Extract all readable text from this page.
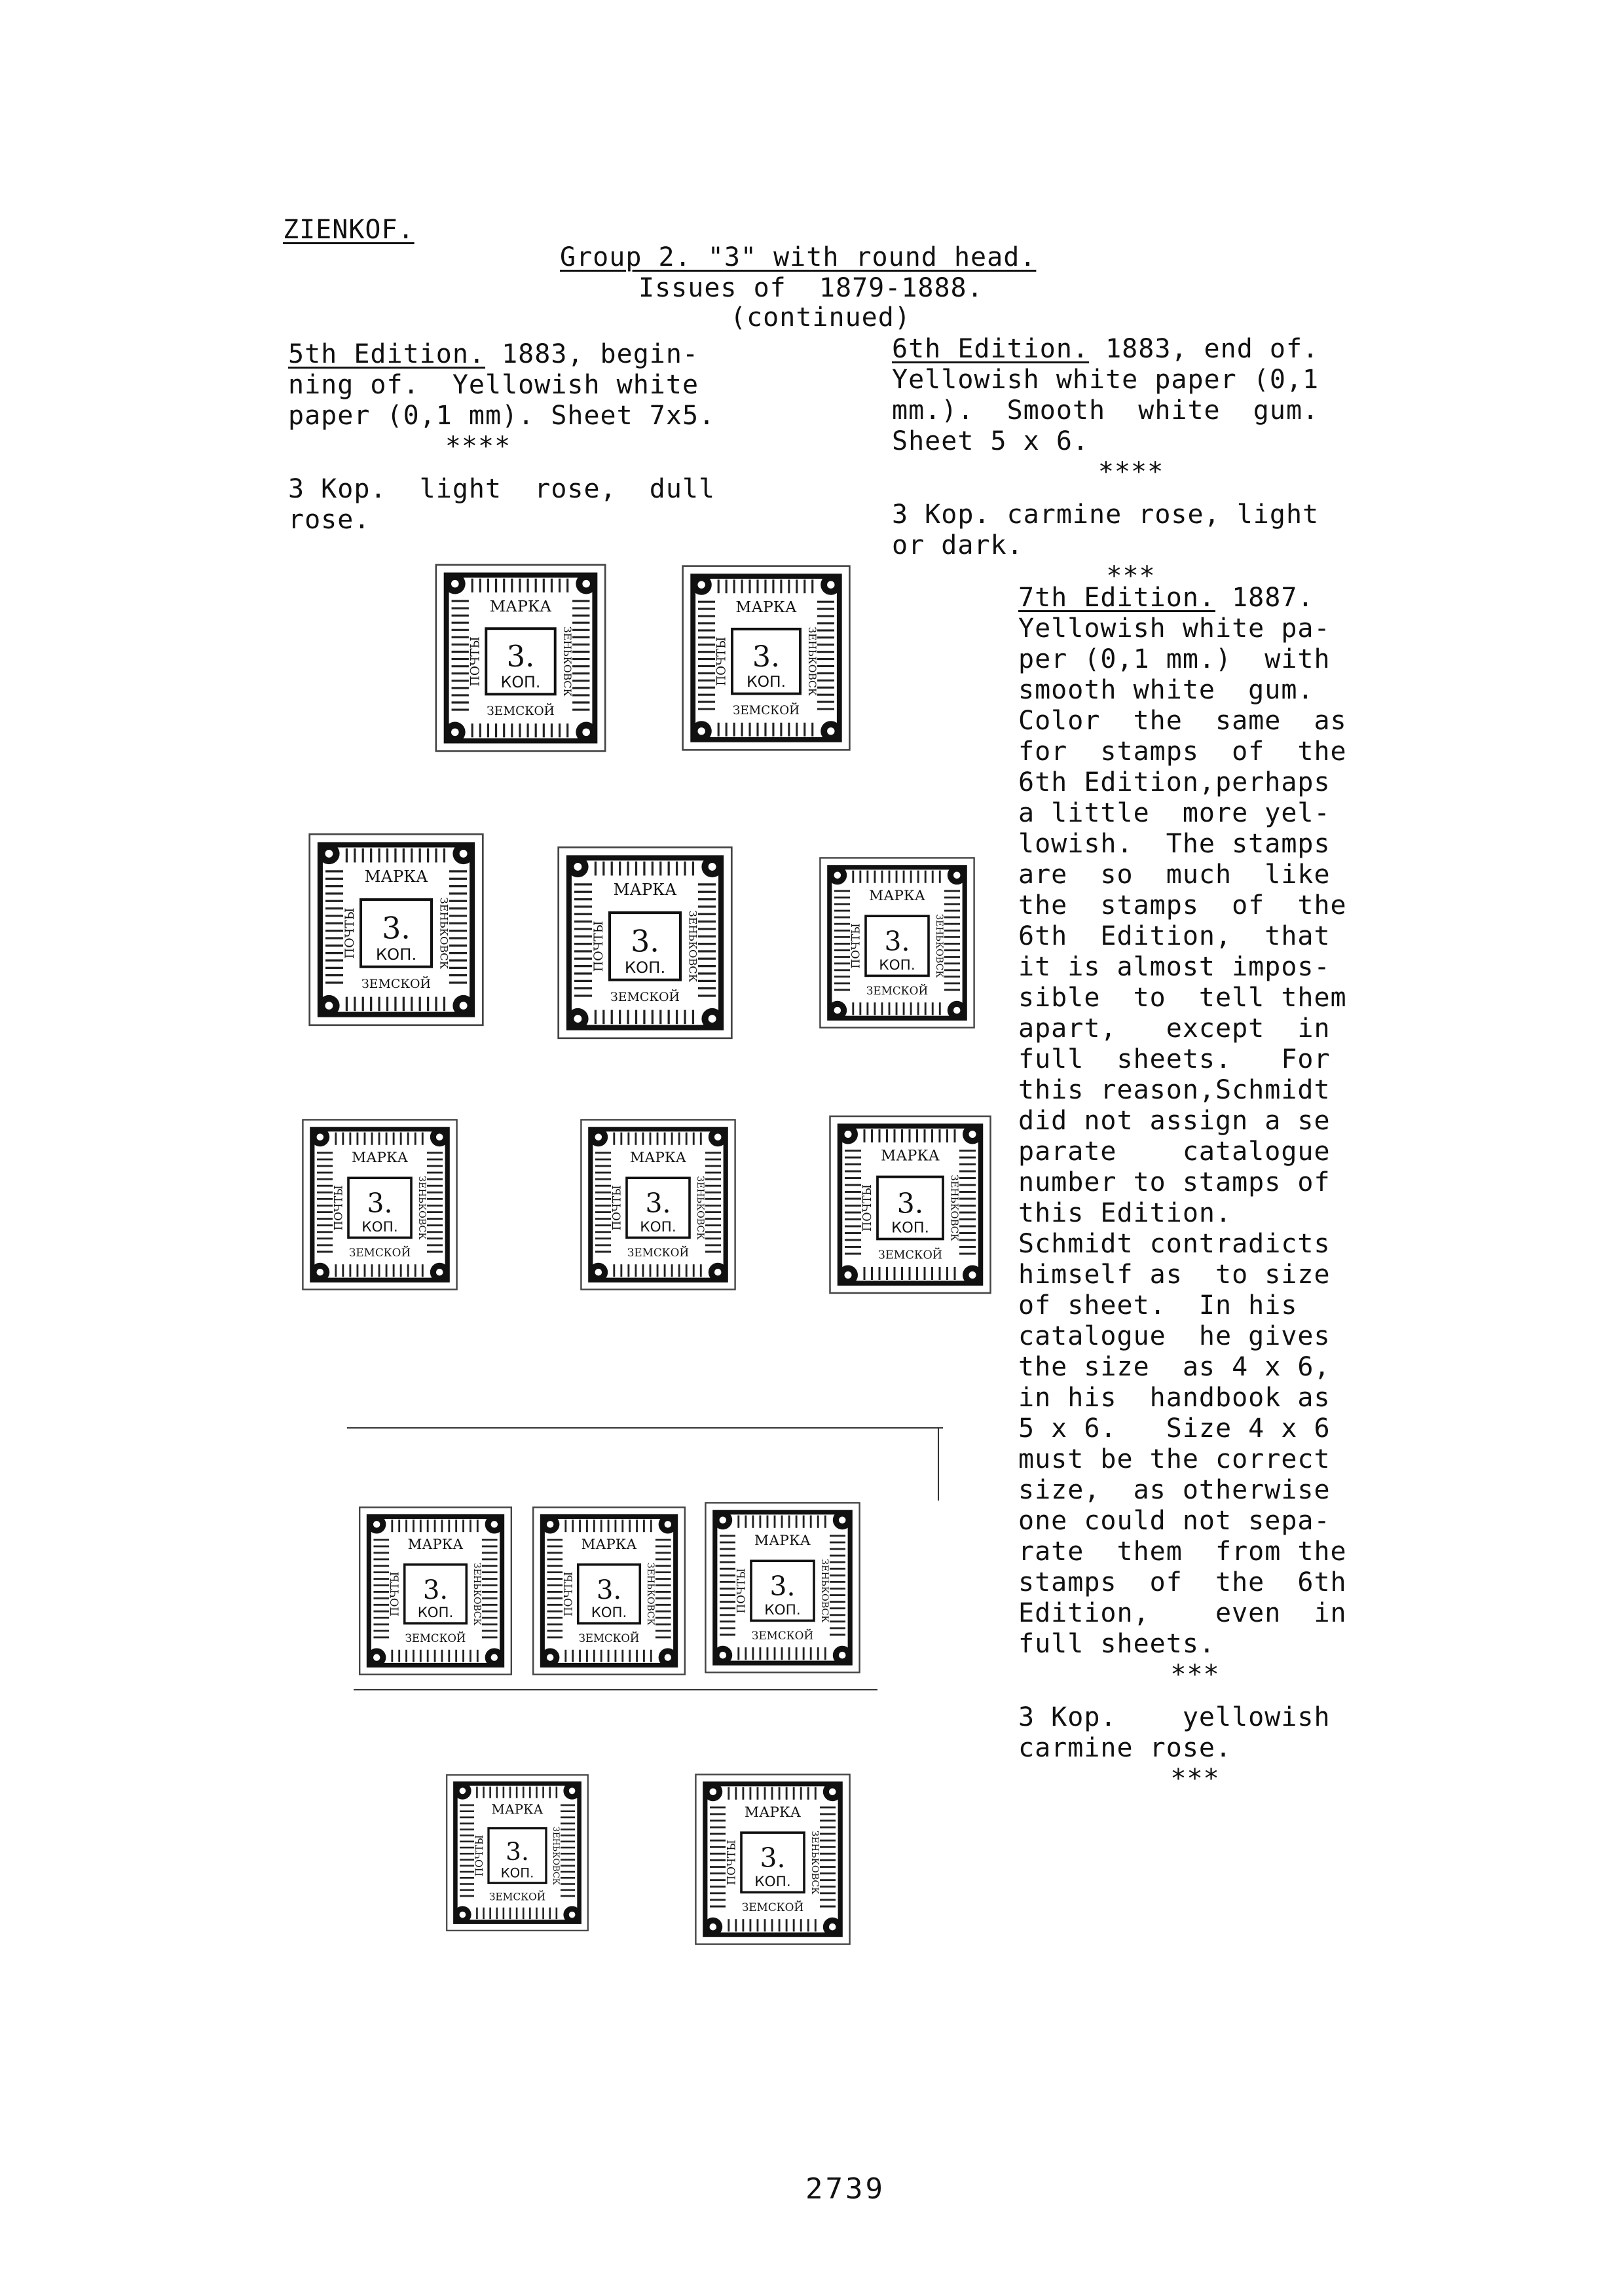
ZIENKOF.
Group 2. "3" with round head.
Issues of  1879-1888.
(continued)

5th Edition. 1883, begin-

ning of.  Yellowish white

paper (0,1 mm). Sheet 7x5.

****

3 Kop.  light  rose,  dull

rose.

6th Edition. 1883, end of.

Yellowish white paper (0,1

mm.).  Smooth  white  gum.

Sheet 5 x 6.

****

3 Kop. carmine rose, light

or dark.

***

7th Edition. 1887.

Yellowish white pa-

per (0,1 mm.)  with

smooth white  gum.

Color  the  same  as

for  stamps  of  the

6th Edition,perhaps

a little  more yel-

lowish.  The stamps

are  so  much  like

the  stamps  of  the

6th  Edition,  that

it is almost impos-

sible  to  tell them

apart,   except  in

full  sheets.   For

this reason,Schmidt

did not assign a se

parate    catalogue

number to stamps of

this Edition.

Schmidt contradicts

himself as  to size

of sheet.  In his

catalogue  he gives

the size  as 4 x 6,

in his  handbook as

5 x 6.   Size 4 x 6

must be the correct

size,  as otherwise

one could not sepa-

rate  them  from the

stamps  of  the  6th

Edition,    even  in

full sheets.

***

3 Kop.    yellowish

carmine rose.

***

МАРКА
3.
КОП.
ЗЕМСКОЙ
ПОЧТЫ	ЗЕНЬКОВСК
МАРКА
3.
КОП.
ЗЕМСКОЙ
ПОЧТЫ	ЗЕНЬКОВСК
МАРКА
3.
КОП.
ЗЕМСКОЙ
ПОЧТЫ	ЗЕНЬКОВСК
МАРКА
3.
КОП.
ЗЕМСКОЙ
ПОЧТЫ	ЗЕНЬКОВСК
МАРКА
3.
КОП.
ЗЕМСКОЙ
ПОЧТЫ	ЗЕНЬКОВСК
МАРКА
3.
КОП.
ЗЕМСКОЙ
ПОЧТЫ	ЗЕНЬКОВСК
МАРКА
3.
КОП.
ЗЕМСКОЙ
ПОЧТЫ	ЗЕНЬКОВСК
МАРКА
3.
КОП.
ЗЕМСКОЙ
ПОЧТЫ	ЗЕНЬКОВСК
МАРКА
3.
КОП.
ЗЕМСКОЙ
ПОЧТЫ	ЗЕНЬКОВСК
МАРКА
3.
КОП.
ЗЕМСКОЙ
ПОЧТЫ	ЗЕНЬКОВСК
МАРКА
3.
КОП.
ЗЕМСКОЙ
ПОЧТЫ	ЗЕНЬКОВСК
МАРКА
3.
КОП.
ЗЕМСКОЙ
ПОЧТЫ	ЗЕНЬКОВСК
МАРКА
3.
КОП.
ЗЕМСКОЙ
ПОЧТЫ	ЗЕНЬКОВСК
2739
